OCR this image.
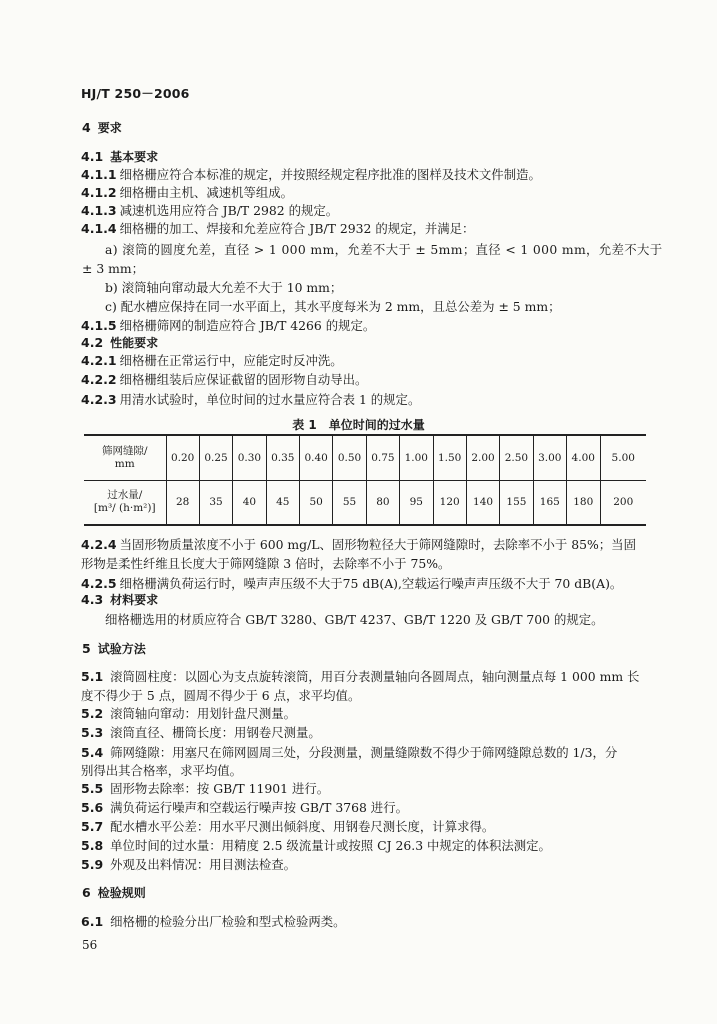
HJ/T 250－2006
4 要求
4.1 基本要求
4.1.1 细格栅应符合本标准的规定，并按照经规定程序批准的图样及技术文件制造。
4.1.2 细格栅由主机、减速机等组成。
4.1.3 减速机选用应符合 JB/T 2982 的规定。
4.1.4 细格栅的加工、焊接和允差应符合 JB/T 2932 的规定，并满足：
a) 滚筒的圆度允差，直径 > 1 000 mm，允差不大于 ± 5mm；直径 < 1 000 mm，允差不大于
± 3 mm；
b) 滚筒轴向窜动最大允差不大于 10 mm；
c) 配水槽应保持在同一水平面上，其水平度每米为 2 mm，且总公差为 ± 5 mm；
4.1.5 细格栅筛网的制造应符合 JB/T 4266 的规定。
4.2 性能要求
4.2.1 细格栅在正常运行中，应能定时反冲洗。
4.2.2 细格栅组装后应保证截留的固形物自动导出。
4.2.3 用清水试验时，单位时间的过水量应符合表 1 的规定。
表 1　单位时间的过水量
筛网缝隙/
mm	0.20	0.25	0.30	0.35	0.40	0.50	0.75	1.00	1.50	2.00	2.50	3.00	4.00	5.00
过水量/
[m³/ (h·m²)]	28	35	40	45	50	55	80	95	120	140	155	165	180	200
4.2.4 当固形物质量浓度不小于 600 mg/L、固形物粒径大于筛网缝隙时，去除率不小于 85%；当固
形物是柔性纤维且长度大于筛网缝隙 3 倍时，去除率不小于 75%。
4.2.5 细格栅满负荷运行时，噪声声压级不大于75 dB(A),空载运行噪声声压级不大于 70 dB(A)。
4.3 材料要求
细格栅选用的材质应符合 GB/T 3280、GB/T 4237、GB/T 1220 及 GB/T 700 的规定。
5 试验方法
5.1 滚筒圆柱度：以圆心为支点旋转滚筒，用百分表测量轴向各圆周点，轴向测量点每 1 000 mm 长
度不得少于 5 点，圆周不得少于 6 点，求平均值。
5.2 滚筒轴向窜动：用划针盘尺测量。
5.3 滚筒直径、栅筒长度：用钢卷尺测量。
5.4 筛网缝隙：用塞尺在筛网圆周三处，分段测量，测量缝隙数不得少于筛网缝隙总数的 1/3，分
别得出其合格率，求平均值。
5.5 固形物去除率：按 GB/T 11901 进行。
5.6 满负荷运行噪声和空载运行噪声按 GB/T 3768 进行。
5.7 配水槽水平公差：用水平尺测出倾斜度、用钢卷尺测长度，计算求得。
5.8 单位时间的过水量：用精度 2.5 级流量计或按照 CJ 26.3 中规定的体积法测定。
5.9 外观及出料情况：用目测法检查。
6 检验规则
6.1 细格栅的检验分出厂检验和型式检验两类。
56
